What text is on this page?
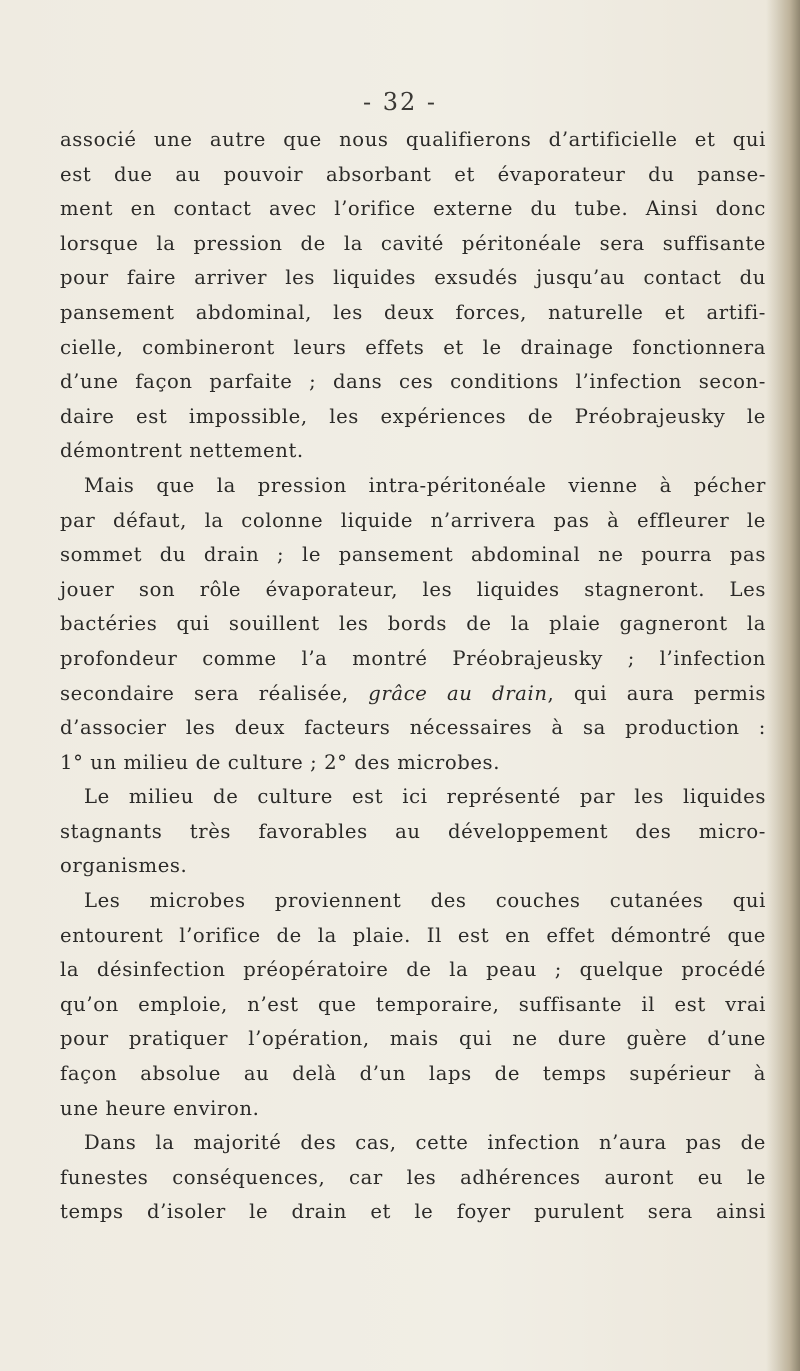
- 32 -
associé une autre que nous qualifierons d’artificielle et qui
est due au pouvoir absorbant et évaporateur du panse-
ment en contact avec l’orifice externe du tube. Ainsi donc
lorsque la pression de la cavité péritonéale sera suffisante
pour faire arriver les liquides exsudés jusqu’au contact du
pansement abdominal, les deux forces, naturelle et artifi-
cielle, combineront leurs effets et le drainage fonctionnera
d’une façon parfaite ; dans ces conditions l’infection secon-
daire est impossible, les expériences de Préobrajeusky le
démontrent nettement.
Mais que la pression intra-péritonéale vienne à pécher
par défaut, la colonne liquide n’arrivera pas à effleurer le
sommet du drain ; le pansement abdominal ne pourra pas
jouer son rôle évaporateur, les liquides stagneront. Les
bactéries qui souillent les bords de la plaie gagneront la
profondeur comme l’a montré Préobrajeusky ; l’infection
secondaire sera réalisée, grâce au drain, qui aura permis
d’associer les deux facteurs nécessaires à sa production :
1° un milieu de culture ; 2° des microbes.
Le milieu de culture est ici représenté par les liquides
stagnants très favorables au développement des micro-
organismes.
Les microbes proviennent des couches cutanées qui
entourent l’orifice de la plaie. Il est en effet démontré que
la désinfection préopératoire de la peau ; quelque procédé
qu’on emploie, n’est que temporaire, suffisante il est vrai
pour pratiquer l’opération, mais qui ne dure guère d’une
façon absolue au delà d’un laps de temps supérieur à
une heure environ.
Dans la majorité des cas, cette infection n’aura pas de
funestes conséquences, car les adhérences auront eu le
temps d’isoler le drain et le foyer purulent sera ainsi
